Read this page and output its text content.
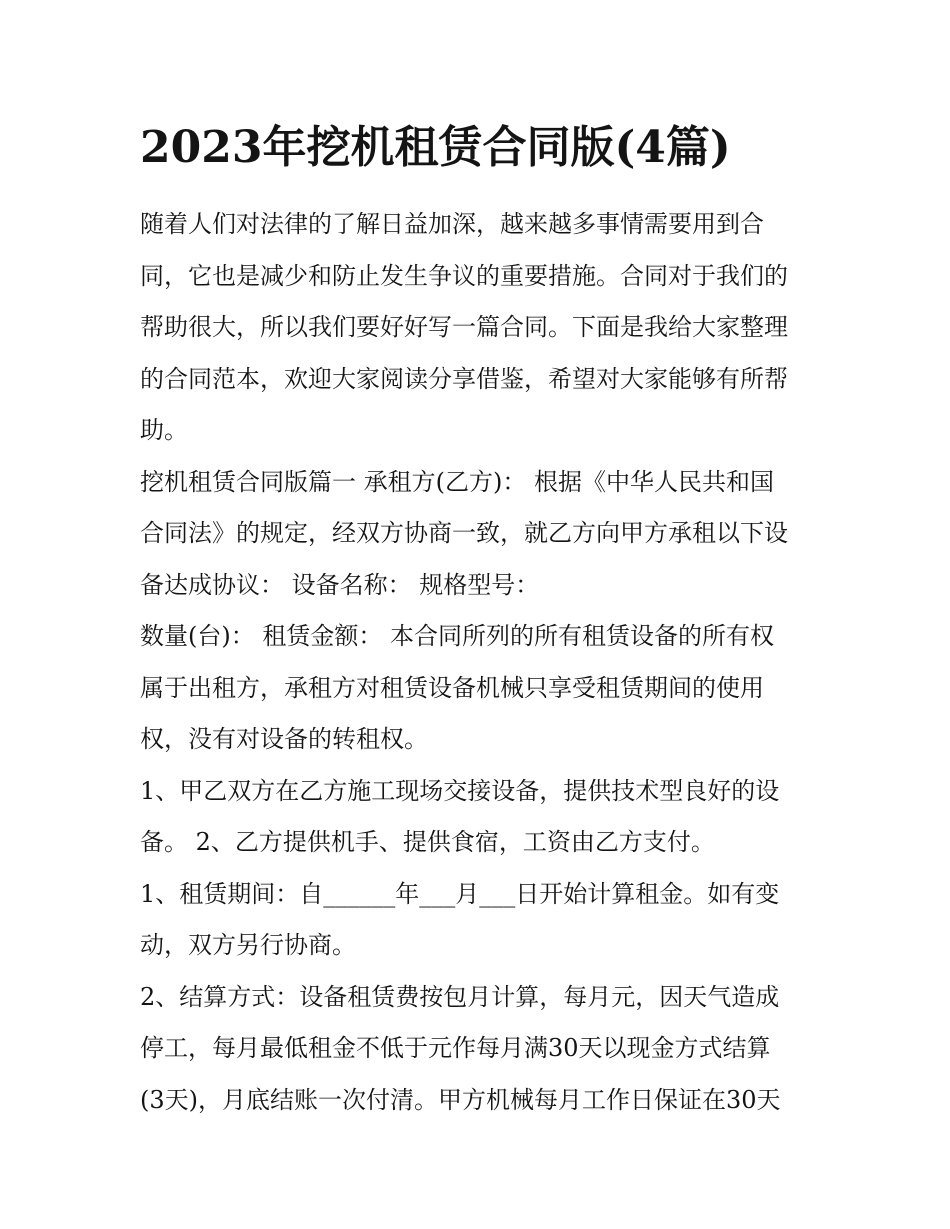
2023年挖机租赁合同版(4篇)

随着人们对法律的了解日益加深，越来越多事情需要用到合

同，它也是减少和防止发生争议的重要措施。合同对于我们的

帮助很大，所以我们要好好写一篇合同。下面是我给大家整理

的合同范本，欢迎大家阅读分享借鉴，希望对大家能够有所帮

助。

挖机租赁合同版篇一 承租方(乙方)： 根据《中华人民共和国

合同法》的规定，经双方协商一致，就乙方向甲方承租以下设

备达成协议： 设备名称： 规格型号：

数量(台)： 租赁金额： 本合同所列的所有租赁设备的所有权

属于出租方，承租方对租赁设备机械只享受租赁期间的使用

权，没有对设备的转租权。

1、甲乙双方在乙方施工现场交接设备，提供技术型良好的设

备。 2、乙方提供机手、提供食宿，工资由乙方支付。

1、租赁期间：自______年___月___日开始计算租金。如有变

动，双方另行协商。

2、结算方式：设备租赁费按包月计算，每月元，因天气造成

停工，每月最低租金不低于元作每月满30天以现金方式结算

(3天)，月底结账一次付清。甲方机械每月工作日保证在30天
